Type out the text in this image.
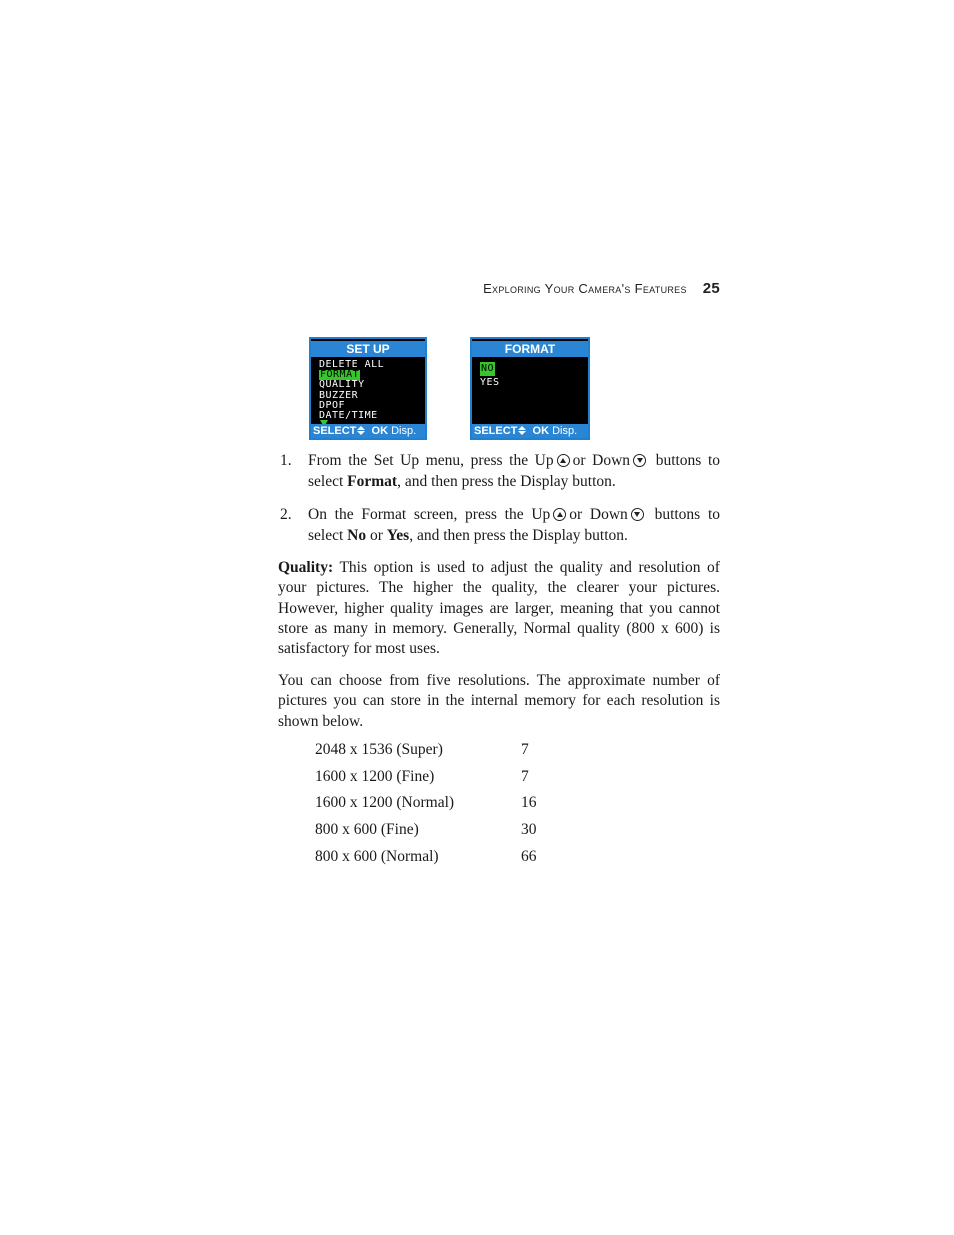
Exploring Your Camera's Features 25
SET UP
DELETE ALL
FORMAT
QUALITY
BUZZER
DPOF
DATE/TIME
SELECT OK Disp.
FORMAT
NO
YES
SELECT OK Disp.
1. From the Set Up menu, press the Up or Down buttons to select Format, and then press the Display button.
2. On the Format screen, press the Up or Down buttons to select No or Yes, and then press the Display button.
Quality: This option is used to adjust the quality and resolution of your pictures. The higher the quality, the clearer your pictures. However, higher quality images are larger, meaning that you cannot store as many in memory. Generally, Normal quality (800 x 600) is satisfactory for most uses.
You can choose from five resolutions. The approximate number of pictures you can store in the internal memory for each resolution is shown below.
2048 x 1536 (Super)	7
1600 x 1200 (Fine)	7
1600 x 1200 (Normal)	16
800 x 600 (Fine)	30
800 x 600 (Normal)	66
